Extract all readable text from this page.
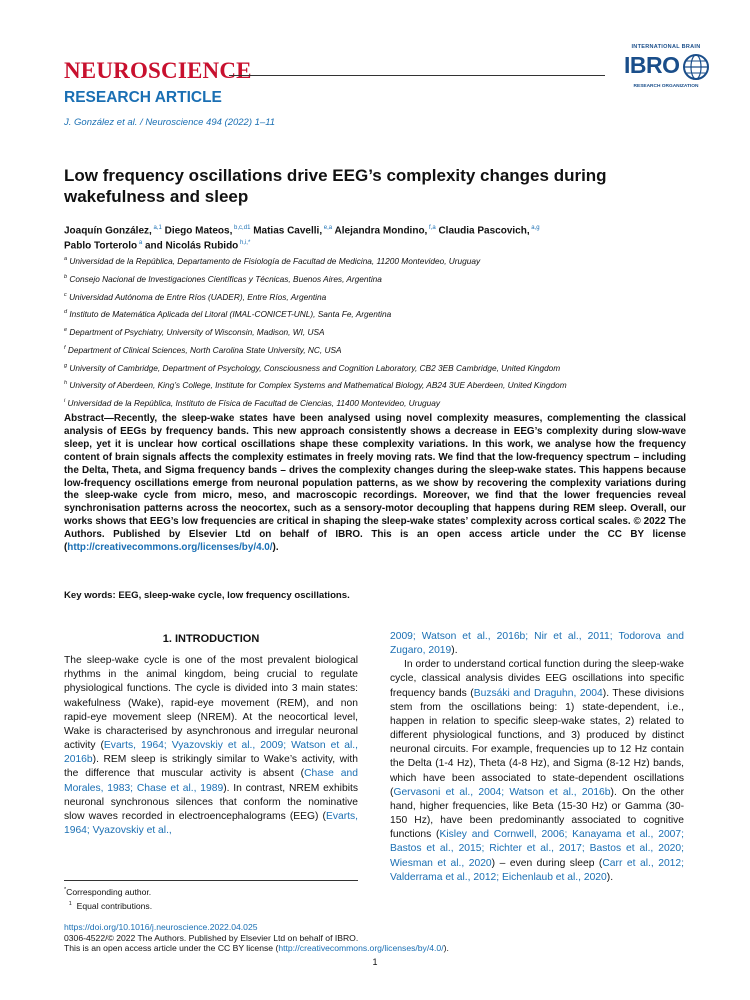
NEUROSCIENCE
RESEARCH ARTICLE
J. González et al. / Neuroscience 494 (2022) 1–11
INTERNATIONAL BRAIN
IBRO
RESEARCH ORGANIZATION
Low frequency oscillations drive EEG’s complexity changes during wakefulness and sleep
Joaquín González, $^{a,1}$ Diego Mateos, $^{b,c,d1}$ Matias Cavelli, $^{e,a}$ Alejandra Mondino, $^{f,a}$ Claudia Pascovich, $^{a,g}$
Pablo Torterolo $^a$ and Nicolás Rubido $^{h,i,*}$
$^a$ Universidad de la República, Departamento de Fisiología de Facultad de Medicina, 11200 Montevideo, Uruguay
$^b$ Consejo Nacional de Investigaciones Científicas y Técnicas, Buenos Aires, Argentina
$^c$ Universidad Autónoma de Entre Ríos (UADER), Entre Ríos, Argentina
$^d$ Instituto de Matemática Aplicada del Litoral (IMAL-CONICET-UNL), Santa Fe, Argentina
$^e$ Department of Psychiatry, University of Wisconsin, Madison, WI, USA
$^f$ Department of Clinical Sciences, North Carolina State University, NC, USA
$^g$ University of Cambridge, Department of Psychology, Consciousness and Cognition Laboratory, CB2 3EB Cambridge, United Kingdom
$^h$ University of Aberdeen, King’s College, Institute for Complex Systems and Mathematical Biology, AB24 3UE Aberdeen, United Kingdom
$^i$ Universidad de la República, Instituto de Física de Facultad de Ciencias, 11400 Montevideo, Uruguay
Abstract—Recently, the sleep-wake states have been analysed using novel complexity measures, complementing the classical analysis of EEGs by frequency bands. This new approach consistently shows a decrease in EEG’s complexity during slow-wave sleep, yet it is unclear how cortical oscillations shape these complexity variations. In this work, we analyse how the frequency content of brain signals affects the complexity estimates in freely moving rats. We find that the low-frequency spectrum – including the Delta, Theta, and Sigma frequency bands – drives the complexity changes during the sleep-wake states. This happens because low-frequency oscillations emerge from neuronal population patterns, as we show by recovering the complexity variations during the sleep-wake cycle from micro, meso, and macroscopic recordings. Moreover, we find that the lower frequencies reveal synchronisation patterns across the neocortex, such as a sensory-motor decoupling that happens during REM sleep. Overall, our works shows that EEG’s low frequencies are critical in shaping the sleep-wake states’ complexity across cortical scales. © 2022 The Authors. Published by Elsevier Ltd on behalf of IBRO. This is an open access article under the CC BY license (http://creativecommons.org/licenses/by/4.0/).
Key words: EEG, sleep-wake cycle, low frequency oscillations.
1. INTRODUCTION

The sleep-wake cycle is one of the most prevalent biological rhythms in the animal kingdom, being crucial to regulate physiological functions. The cycle is divided into 3 main states: wakefulness (Wake), rapid-eye movement (REM), and non rapid-eye movement sleep (NREM). At the neocortical level, Wake is characterised by asynchronous and irregular neuronal activity (Evarts, 1964; Vyazovskiy et al., 2009; Watson et al., 2016b). REM sleep is strikingly similar to Wake’s activity, with the difference that muscular activity is absent (Chase and Morales, 1983; Chase et al., 1989). In contrast, NREM exhibits neuronal synchronous silences that conform the nominative slow waves recorded in electroencephalograms (EEG) (Evarts, 1964; Vyazovskiy et al.,

2009; Watson et al., 2016b; Nir et al., 2011; Todorova and Zugaro, 2019).

In order to understand cortical function during the sleep-wake cycle, classical analysis divides EEG oscillations into specific frequency bands (Buzsáki and Draguhn, 2004). These divisions stem from the oscillations being: 1) state-dependent, i.e., happen in relation to specific sleep-wake states, 2) related to different physiological functions, and 3) produced by distinct neuronal circuits. For example, frequencies up to 12 Hz contain the Delta (1-4 Hz), Theta (4-8 Hz), and Sigma (8-12 Hz) bands, which have been associated to state-dependent oscillations (Gervasoni et al., 2004; Watson et al., 2016b). On the other hand, higher frequencies, like Beta (15-30 Hz) or Gamma (30-150 Hz), have been predominantly associated to cognitive functions (Kisley and Cornwell, 2006; Kanayama et al., 2007; Bastos et al., 2015; Richter et al., 2017; Bastos et al., 2020; Wiesman et al., 2020) – even during sleep (Carr et al., 2012; Valderrama et al., 2012; Eichenlaub et al., 2020).

*Corresponding author.
$^1$ Equal contributions.
https://doi.org/10.1016/j.neuroscience.2022.04.025
0306-4522/© 2022 The Authors. Published by Elsevier Ltd on behalf of IBRO.
This is an open access article under the CC BY license (http://creativecommons.org/licenses/by/4.0/).
1
